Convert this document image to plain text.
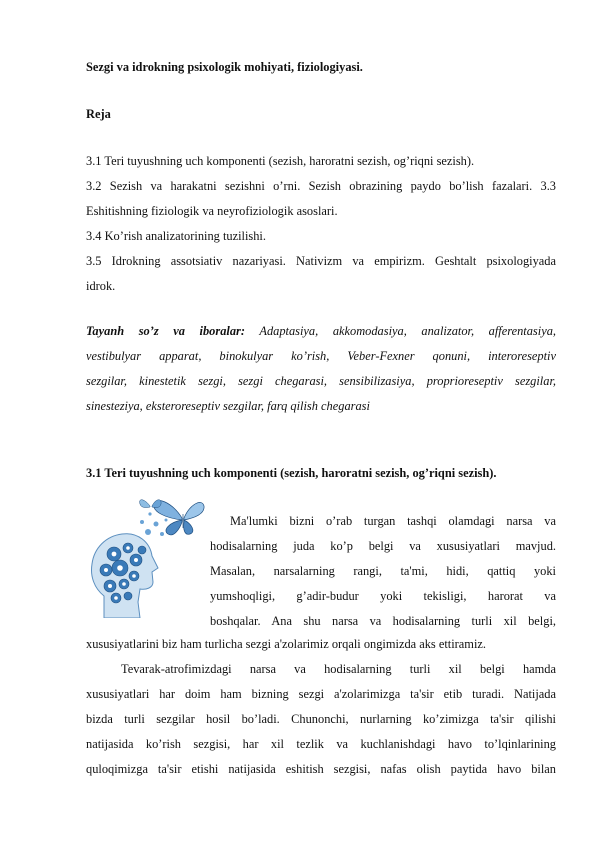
Sezgi va idrokning psixologik mohiyati, fiziologiyasi.
Reja
3.1 Teri tuyushning uch komponenti (sezish, haroratni sezish, og’riqni sezish).
3.2 Sezish va harakatni sezishni o’rni. Sezish obrazining paydo bo’lish fazalari. 3.3
Eshitishning fiziologik va neyrofiziologik asoslari.
3.4 Ko’rish analizatorining tuzilishi.
3.5 Idrokning assotsiativ nazariyasi. Nativizm va empirizm. Geshtalt psixologiyada
idrok.
Tayanh so’z va iboralar: Adaptasiya, akkomodasiya, analizator, afferentasiya,
vestibulyar apparat, binokulyar ko’rish, Veber-Fexner qonuni, interoreseptiv
sezgilar, kinestetik sezgi, sezgi chegarasi, sensibilizasiya, proprioreseptiv sezgilar,
sinesteziya, eksteroreseptiv sezgilar, farq qilish chegarasi
3.1 Teri tuyushning uch komponenti (sezish, haroratni sezish, og’riqni sezish).
Ma'lumki bizni o’rab turgan tashqi olamdagi narsa va
hodisalarning juda ko’p belgi va xususiyatlari mavjud.
Masalan, narsalarning rangi, ta'mi, hidi, qattiq yoki
yumshoqligi, g’adir-budur yoki tekisligi, harorat va
boshqalar. Ana shu narsa va hodisalarning turli xil belgi,
xususiyatlarini biz ham turlicha sezgi a'zolarimiz orqali ongimizda aks ettiramiz.
Tevarak-atrofimizdagi narsa va hodisalarning turli xil belgi hamda
xususiyatlari har doim ham bizning sezgi a'zolarimizga ta'sir etib turadi. Natijada
bizda turli sezgilar hosil bo’ladi. Chunonchi, nurlarning ko’zimizga ta'sir qilishi
natijasida ko’rish sezgisi, har xil tezlik va kuchlanishdagi havo to’lqinlarining
quloqimizga ta'sir etishi natijasida eshitish sezgisi, nafas olish paytida havo bilan
